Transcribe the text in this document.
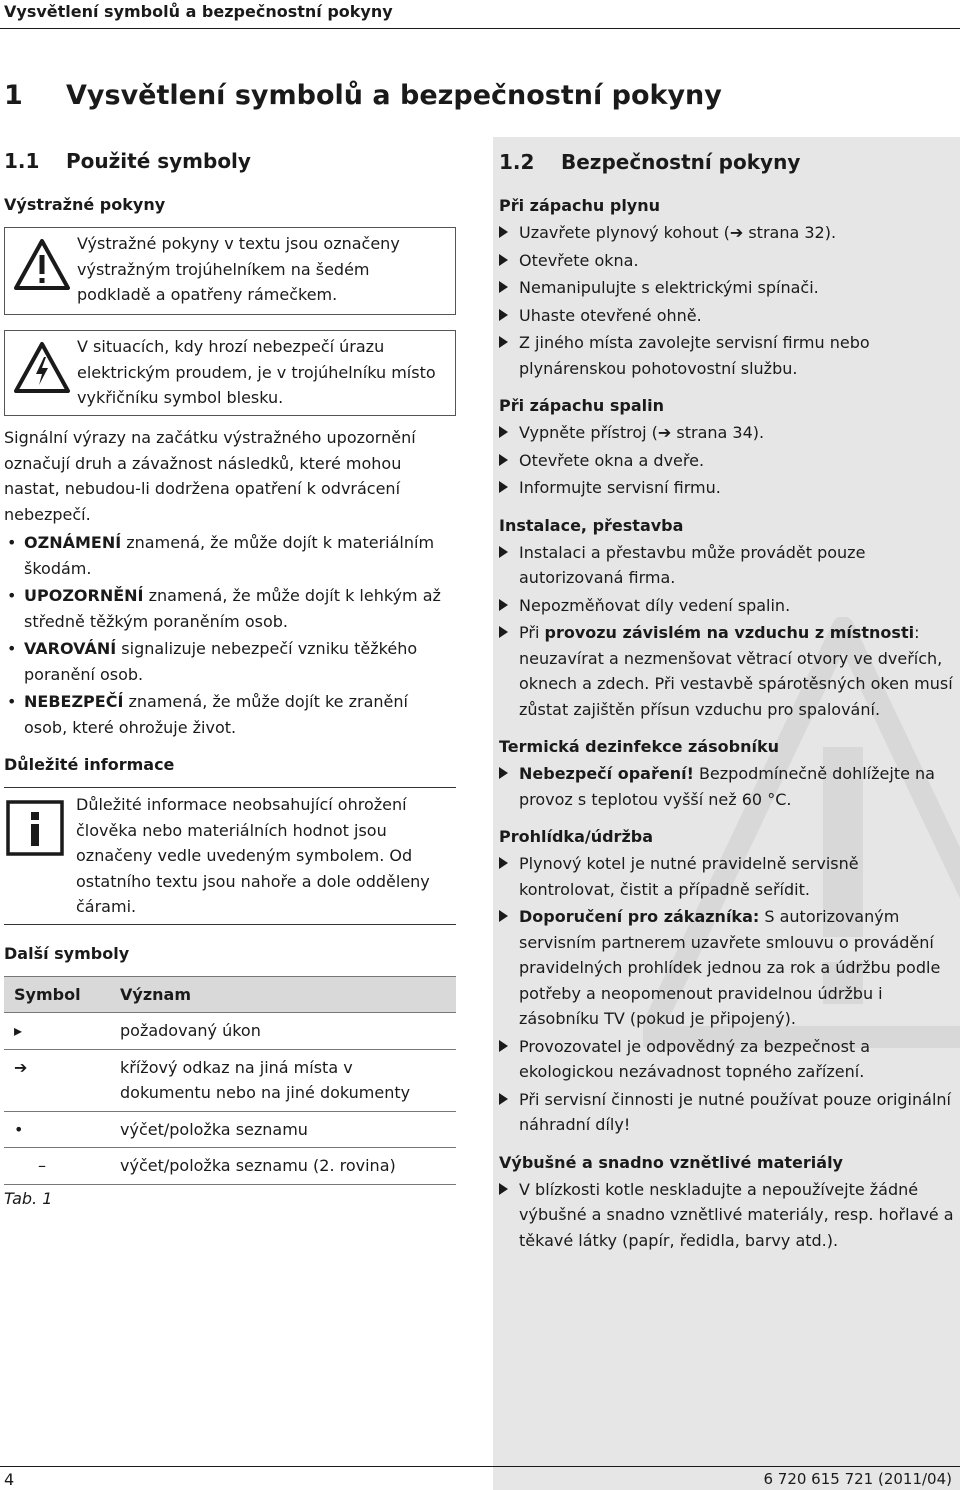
Vysvětlení symbolů a bezpečnostní pokyny
1 Vysvětlení symbolů a bezpečnostní pokyny
1.1 Použité symboly
Výstražné pokyny
Výstražné pokyny v textu jsou označeny výstražným trojúhelníkem na šedém podkladě a opatřeny rámečkem.
V situacích, kdy hrozí nebezpečí úrazu elektrickým proudem, je v trojúhelníku místo vykřičníku symbol blesku.
Signální výrazy na začátku výstražného upozornění označují druh a závažnost následků, které mohou nastat, nebudou-li dodržena opatření k odvrácení nebezpečí.
• OZNÁMENÍ znamená, že může dojít k materiálním škodám.
• UPOZORNĚNÍ znamená, že může dojít k lehkým až středně těžkým poraněním osob.
• VAROVÁNÍ signalizuje nebezpečí vzniku těžkého poranění osob.
• NEBEZPEČÍ znamená, že může dojít ke zranění osob, které ohrožuje život.
Důležité informace
Důležité informace neobsahující ohrožení člověka nebo materiálních hodnot jsou označeny vedle uvedeným symbolem. Od ostatního textu jsou nahoře a dole odděleny čárami.
Další symboly
Symbol	Význam
▸	požadovaný úkon
➔	křížový odkaz na jiná místa v dokumentu nebo na jiné dokumenty
•	výčet/položka seznamu
–	výčet/položka seznamu (2. rovina)
Tab. 1
1.2 Bezpečnostní pokyny
Při zápachu plynu
Uzavřete plynový kohout (➔ strana 32).
Otevřete okna.
Nemanipulujte s elektrickými spínači.
Uhaste otevřené ohně.
Z jiného místa zavolejte servisní firmu nebo plynárenskou pohotovostní službu.
Při zápachu spalin
Vypněte přístroj (➔ strana 34).
Otevřete okna a dveře.
Informujte servisní firmu.
Instalace, přestavba
Instalaci a přestavbu může provádět pouze autorizovaná firma.
Nepozměňovat díly vedení spalin.
Při provozu závislém na vzduchu z místnosti: neuzavírat a nezmenšovat větrací otvory ve dveřích, oknech a zdech. Při vestavbě spárotěsných oken musí zůstat zajištěn přísun vzduchu pro spalování.
Termická dezinfekce zásobníku
Nebezpečí opaření! Bezpodmínečně dohlížejte na provoz s teplotou vyšší než 60 °C.
Prohlídka/údržba
Plynový kotel je nutné pravidelně servisně kontrolovat, čistit a případně seřídit.
Doporučení pro zákazníka: S autorizovaným servisním partnerem uzavřete smlouvu o provádění pravidelných prohlídek jednou za rok a údržbu podle potřeby a neopomenout pravidelnou údržbu i zásobníku TV (pokud je připojený).
Provozovatel je odpovědný za bezpečnost a ekologickou nezávadnost topného zařízení.
Při servisní činnosti je nutné používat pouze originální náhradní díly!
Výbušné a snadno vznětlivé materiály
V blízkosti kotle neskladujte a nepoužívejte žádné výbušné a snadno vznětlivé materiály, resp. hořlavé a těkavé látky (papír, ředidla, barvy atd.).
4	6 720 615 721 (2011/04)
